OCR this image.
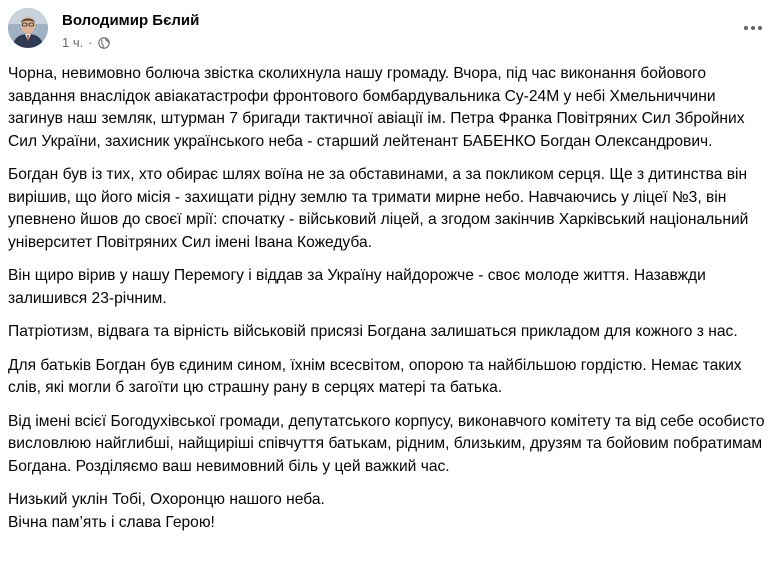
Володимир Бєлий
1 ч. ·

Чорна, невимовно болюча звістка сколихнула нашу громаду. Вчора, під час виконання бойового завдання внаслідок авіакатастрофи фронтового бомбардувальника Су-24М у небі Хмельниччини загинув наш земляк, штурман 7 бригади тактичної авіації ім. Петра Франка Повітряних Сил Збройних Сил України, захисник українського неба - старший лейтенант БАБЕНКО Богдан Олександрович.

Богдан був із тих, хто обирає шлях воїна не за обставинами, а за покликом серця. Ще з дитинства він вирішив, що його місія - захищати рідну землю та тримати мирне небо. Навчаючись у ліцеї №3, він упевнено йшов до своєї мрії: спочатку - військовий ліцей, а згодом закінчив Харківський національний університет Повітряних Сил імені Івана Кожедуба.

Він щиро вірив у нашу Перемогу і віддав за Україну найдорожче - своє молоде життя. Назавжди залишився 23-річним.

Патріотизм, відвага та вірність військовій присязі Богдана залишаться прикладом для кожного з нас.

Для батьків Богдан був єдиним сином, їхнім всесвітом, опорою та найбільшою гордістю. Немає таких слів, які могли б загоїти цю страшну рану в серцях матері та батька.

Від імені всієї Богодухівської громади, депутатського корпусу, виконавчого комітету та від себе особисто висловлюю найглибші, найщиріші співчуття батькам, рідним, близьким, друзям та бойовим побратимам Богдана. Розділяємо ваш невимовний біль у цей важкий час.

Низький уклін Тобі, Охоронцю нашого неба.

Вічна пам’ять і слава Герою!
